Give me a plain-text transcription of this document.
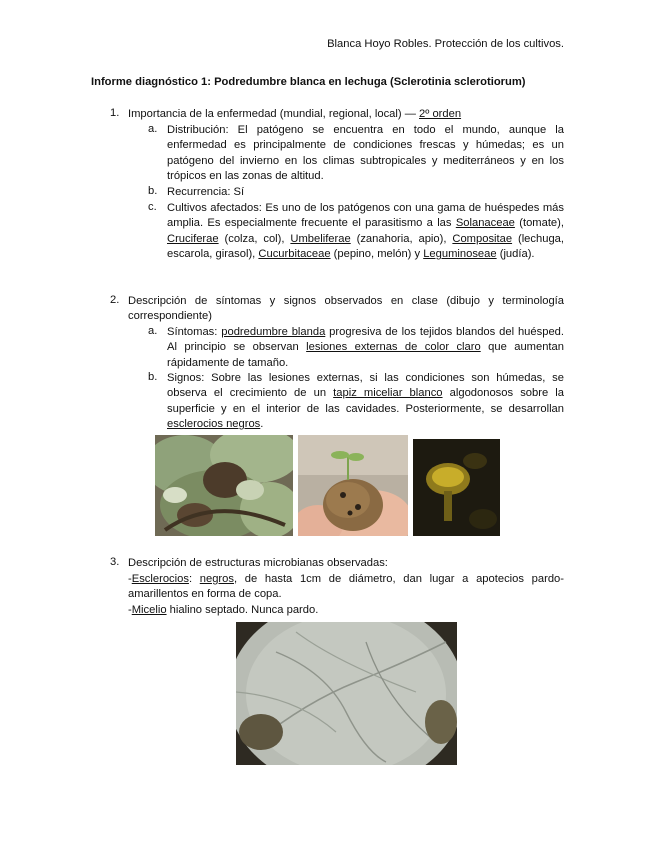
Blanca Hoyo Robles. Protección de los cultivos.
Informe diagnóstico 1: Podredumbre blanca en lechuga (Sclerotinia sclerotiorum)
1. Importancia de la enfermedad (mundial, regional, local) — 2º orden
a. Distribución: El patógeno se encuentra en todo el mundo, aunque la enfermedad es principalmente de condiciones frescas y húmedas; es un patógeno del invierno en los climas subtropicales y mediterráneos y en los trópicos en las zonas de altitud.
b. Recurrencia: Sí
c. Cultivos afectados: Es uno de los patógenos con una gama de huéspedes más amplia. Es especialmente frecuente el parasitismo a las Solanaceae (tomate), Cruciferae (colza, col), Umbeliferae (zanahoria, apio), Compositae (lechuga, escarola, girasol), Cucurbitaceae (pepino, melón) y Leguminoseae (judía).
2. Descripción de síntomas y signos observados en clase (dibujo y terminología correspondiente)
a. Síntomas: podredumbre blanda progresiva de los tejidos blandos del huésped. Al principio se observan lesiones externas de color claro que aumentan rápidamente de tamaño.
b. Signos: Sobre las lesiones externas, si las condiciones son húmedas, se observa el crecimiento de un tapiz miceliar blanco algodonosos sobre la superficie y en el interior de las cavidades. Posteriormente, se desarrollan esclerocios negros.
3. Descripción de estructuras microbianas observadas:
-Esclerocios: negros, de hasta 1cm de diámetro, dan lugar a apotecios pardo-amarillentos en forma de copa.
-Micelio hialino septado. Nunca pardo.
